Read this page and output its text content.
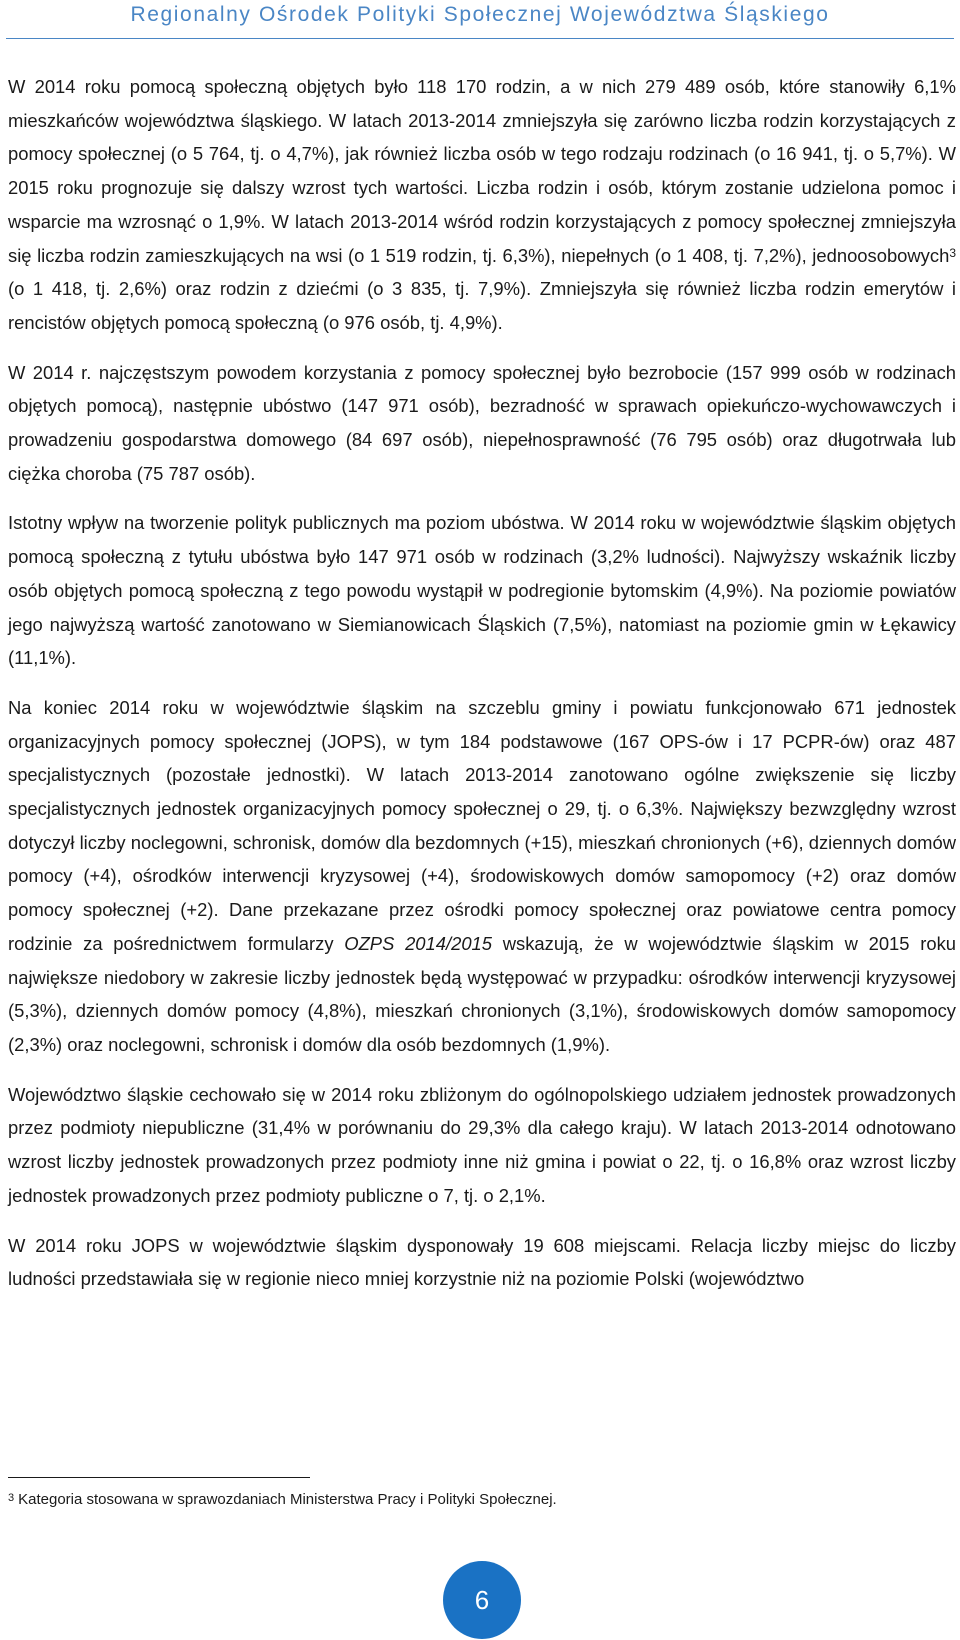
Regionalny Ośrodek Polityki Społecznej Województwa Śląskiego

W 2014 roku pomocą społeczną objętych było 118 170 rodzin, a w nich 279 489 osób, które stanowiły 6,1% mieszkańców województwa śląskiego. W latach 2013-2014 zmniejszyła się zarówno liczba rodzin korzystających z pomocy społecznej (o 5 764, tj. o 4,7%), jak również liczba osób w tego rodzaju rodzinach (o 16 941, tj. o 5,7%). W 2015 roku prognozuje się dalszy wzrost tych wartości. Liczba rodzin i osób, którym zostanie udzielona pomoc i wsparcie ma wzrosnąć o 1,9%. W latach 2013-2014 wśród rodzin korzystających z pomocy społecznej zmniejszyła się liczba rodzin zamieszkujących na wsi (o 1 519 rodzin, tj. 6,3%), niepełnych (o 1 408, tj. 7,2%), jednoosobowych$^3$ (o 1 418, tj. 2,6%) oraz rodzin z dziećmi (o 3 835, tj. 7,9%). Zmniejszyła się również liczba rodzin emerytów i rencistów objętych pomocą społeczną (o 976 osób, tj. 4,9%).

W 2014 r. najczęstszym powodem korzystania z pomocy społecznej było bezrobocie (157 999 osób w rodzinach objętych pomocą), następnie ubóstwo (147 971 osób), bezradność w sprawach opiekuńczo-wychowawczych i prowadzeniu gospodarstwa domowego (84 697 osób), niepełnosprawność (76 795 osób) oraz długotrwała lub ciężka choroba (75 787 osób).

Istotny wpływ na tworzenie polityk publicznych ma poziom ubóstwa. W 2014 roku w województwie śląskim objętych pomocą społeczną z tytułu ubóstwa było 147 971 osób w rodzinach (3,2% ludności). Najwyższy wskaźnik liczby osób objętych pomocą społeczną z tego powodu wystąpił w podregionie bytomskim (4,9%). Na poziomie powiatów jego najwyższą wartość zanotowano w Siemianowicach Śląskich (7,5%), natomiast na poziomie gmin w Łękawicy (11,1%).

Na koniec 2014 roku w województwie śląskim na szczeblu gminy i powiatu funkcjonowało 671 jednostek organizacyjnych pomocy społecznej (JOPS), w tym 184 podstawowe (167 OPS-ów i 17 PCPR-ów) oraz 487 specjalistycznych (pozostałe jednostki). W latach 2013-2014 zanotowano ogólne zwiększenie się liczby specjalistycznych jednostek organizacyjnych pomocy społecznej o 29, tj. o 6,3%. Największy bezwzględny wzrost dotyczył liczby noclegowni, schronisk, domów dla bezdomnych (+15), mieszkań chronionych (+6), dziennych domów pomocy (+4), ośrodków interwencji kryzysowej (+4), środowiskowych domów samopomocy (+2) oraz domów pomocy społecznej (+2). Dane przekazane przez ośrodki pomocy społecznej oraz powiatowe centra pomocy rodzinie za pośrednictwem formularzy OZPS 2014/2015 wskazują, że w województwie śląskim w 2015 roku największe niedobory w zakresie liczby jednostek będą występować w przypadku: ośrodków interwencji kryzysowej (5,3%), dziennych domów pomocy (4,8%), mieszkań chronionych (3,1%), środowiskowych domów samopomocy (2,3%) oraz noclegowni, schronisk i domów dla osób bezdomnych (1,9%).

Województwo śląskie cechowało się w 2014 roku zbliżonym do ogólnopolskiego udziałem jednostek prowadzonych przez podmioty niepubliczne (31,4% w porównaniu do 29,3% dla całego kraju). W latach 2013-2014 odnotowano wzrost liczby jednostek prowadzonych przez podmioty inne niż gmina i powiat o 22, tj. o 16,8% oraz wzrost liczby jednostek prowadzonych przez podmioty publiczne o 7, tj. o 2,1%.

W 2014 roku JOPS w województwie śląskim dysponowały 19 608 miejscami. Relacja liczby miejsc do liczby ludności przedstawiała się w regionie nieco mniej korzystnie niż na poziomie Polski (województwo

$^3$ Kategoria stosowana w sprawozdaniach Ministerstwa Pracy i Polityki Społecznej.
6
